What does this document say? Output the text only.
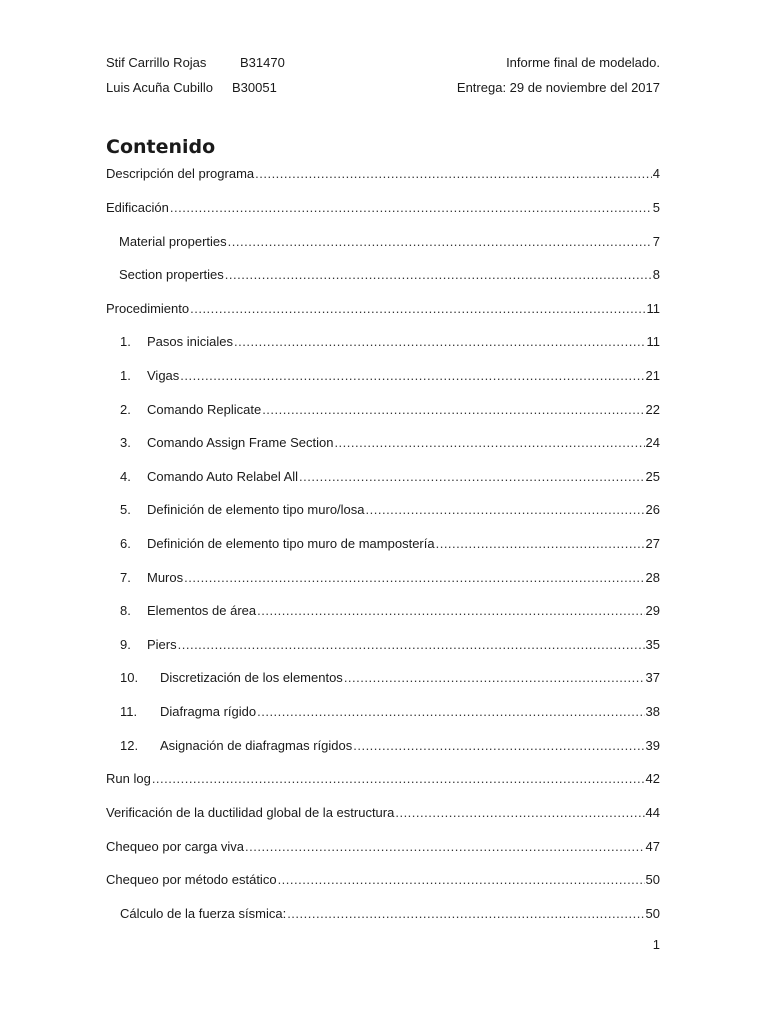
Stif Carrillo Rojas	B31470	Informe final de modelado.
Luis Acuña Cubillo B30051	Entrega: 29 de noviembre del 2017
Contenido
Descripción del programa .....	4
Edificación .....	5
Material properties .....	7
Section properties .....	8
Procedimiento .....	11
1.	Pasos iniciales .....	11
1.	Vigas .....	21
2.	Comando Replicate .....	22
3.	Comando Assign Frame Section .....	24
4.	Comando Auto Relabel All .....	25
5.	Definición de elemento tipo muro/losa .....	26
6.	Definición de elemento tipo muro de mampostería .....	27
7.	Muros .....	28
8.	Elementos de área .....	29
9.	Piers .....	35
10.	Discretización de los elementos .....	37
11.	Diafragma rígido .....	38
12.	Asignación de diafragmas rígidos .....	39
Run log .....	42
Verificación de la ductilidad global de la estructura .....	44
Chequeo por carga viva .....	47
Chequeo por método estático .....	50
Cálculo de la fuerza sísmica: .....	50
1
